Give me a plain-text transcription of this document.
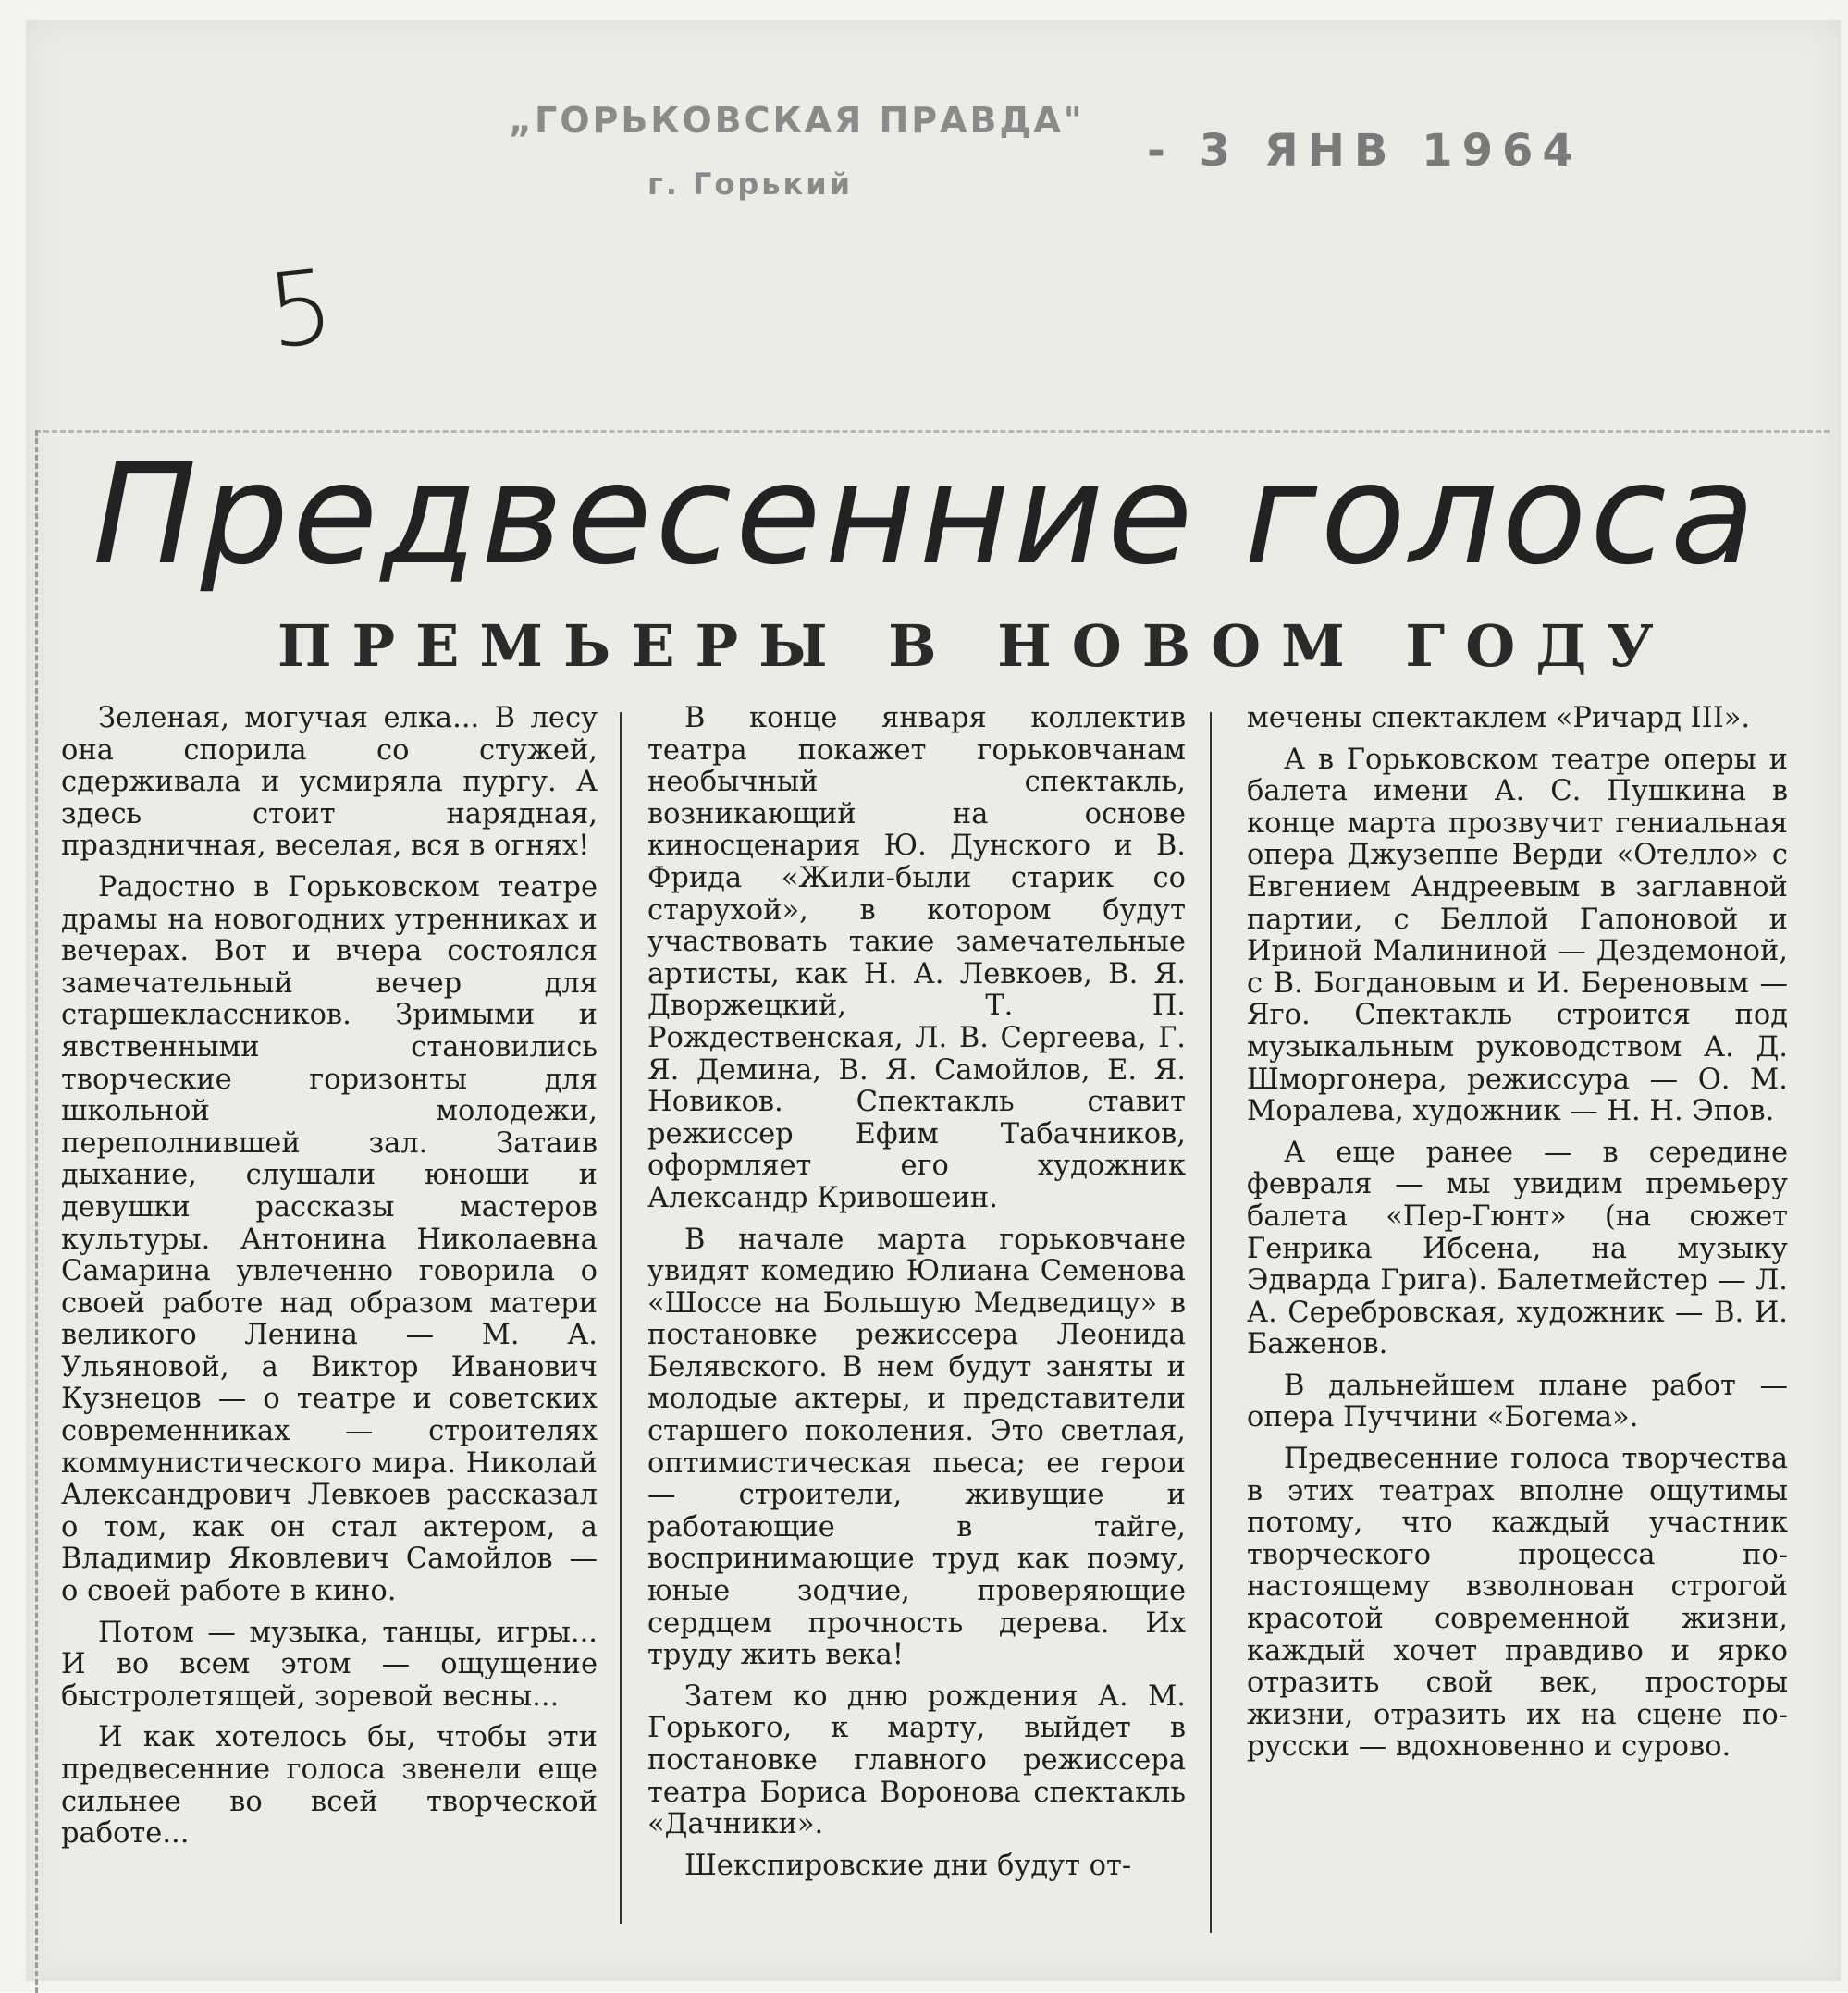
„ГОРЬКОВСКАЯ ПРАВДА"
г. Горький
- 3 ЯНВ 1964
5
Предвесенние голоса
ПРЕМЬЕРЫ В НОВОМ ГОДУ

Зеленая, могучая елка... В лесу она спорила со стужей, сдерживала и усмиряла пургу. А здесь стоит нарядная, праздничная, веселая, вся в огнях!

Радостно в Горьковском театре драмы на новогодних утренниках и вечерах. Вот и вчера состоялся замечательный вечер для старшеклассников. Зримыми и явственными становились творческие горизонты для школьной молодежи, переполнившей зал. Затаив дыхание, слушали юноши и девушки рассказы мастеров культуры. Антонина Николаевна Самарина увлеченно говорила о своей работе над образом матери великого Ленина — М. А. Ульяновой, а Виктор Иванович Кузнецов — о театре и советских современниках — строителях коммунистического мира. Николай Александрович Левкоев рассказал о том, как он стал актером, а Владимир Яковлевич Самойлов — о своей работе в кино.

Потом — музыка, танцы, игры... И во всем этом — ощущение быстролетящей, зоревой весны...

И как хотелось бы, чтобы эти предвесенние голоса звенели еще сильнее во всей творческой работе...

В конце января коллектив театра покажет горьковчанам необычный спектакль, возникающий на основе киносценария Ю. Дунского и В. Фрида «Жили-были старик со старухой», в котором будут участвовать такие замечательные артисты, как Н. А. Левкоев, В. Я. Дворжецкий, Т. П. Рождественская, Л. В. Сергеева, Г. Я. Демина, В. Я. Самойлов, Е. Я. Новиков. Спектакль ставит режиссер Ефим Табачников, оформляет его художник Александр Кривошеин.

В начале марта горьковчане увидят комедию Юлиана Семенова «Шоссе на Большую Медведицу» в постановке режиссера Леонида Белявского. В нем будут заняты и молодые актеры, и представители старшего поколения. Это светлая, оптимистическая пьеса; ее герои — строители, живущие и работающие в тайге, воспринимающие труд как поэму, юные зодчие, проверяющие сердцем прочность дерева. Их труду жить века!

Затем ко дню рождения А. М. Горького, к марту, выйдет в постановке главного режиссера театра Бориса Воронова спектакль «Дачники».

Шекспировские дни будут от-

мечены спектаклем «Ричард III».

А в Горьковском театре оперы и балета имени А. С. Пушкина в конце марта прозвучит гениальная опера Джузеппе Верди «Отелло» с Евгением Андреевым в заглавной партии, с Беллой Гапоновой и Ириной Малининой — Дездемоной, с В. Богдановым и И. Береновым — Яго. Спектакль строится под музыкальным руководством А. Д. Шморгонера, режиссура — О. М. Моралева, художник — Н. Н. Эпов.

А еще ранее — в середине февраля — мы увидим премьеру балета «Пер-Гюнт» (на сюжет Генрика Ибсена, на музыку Эдварда Грига). Балетмейстер — Л. А. Серебровская, художник — В. И. Баженов.

В дальнейшем плане работ — опера Пуччини «Богема».

Предвесенние голоса творчества в этих театрах вполне ощутимы потому, что каждый участник творческого процесса по-настоящему взволнован строгой красотой современной жизни, каждый хочет правдиво и ярко отразить свой век, просторы жизни, отразить их на сцене по-русски — вдохновенно и сурово.
